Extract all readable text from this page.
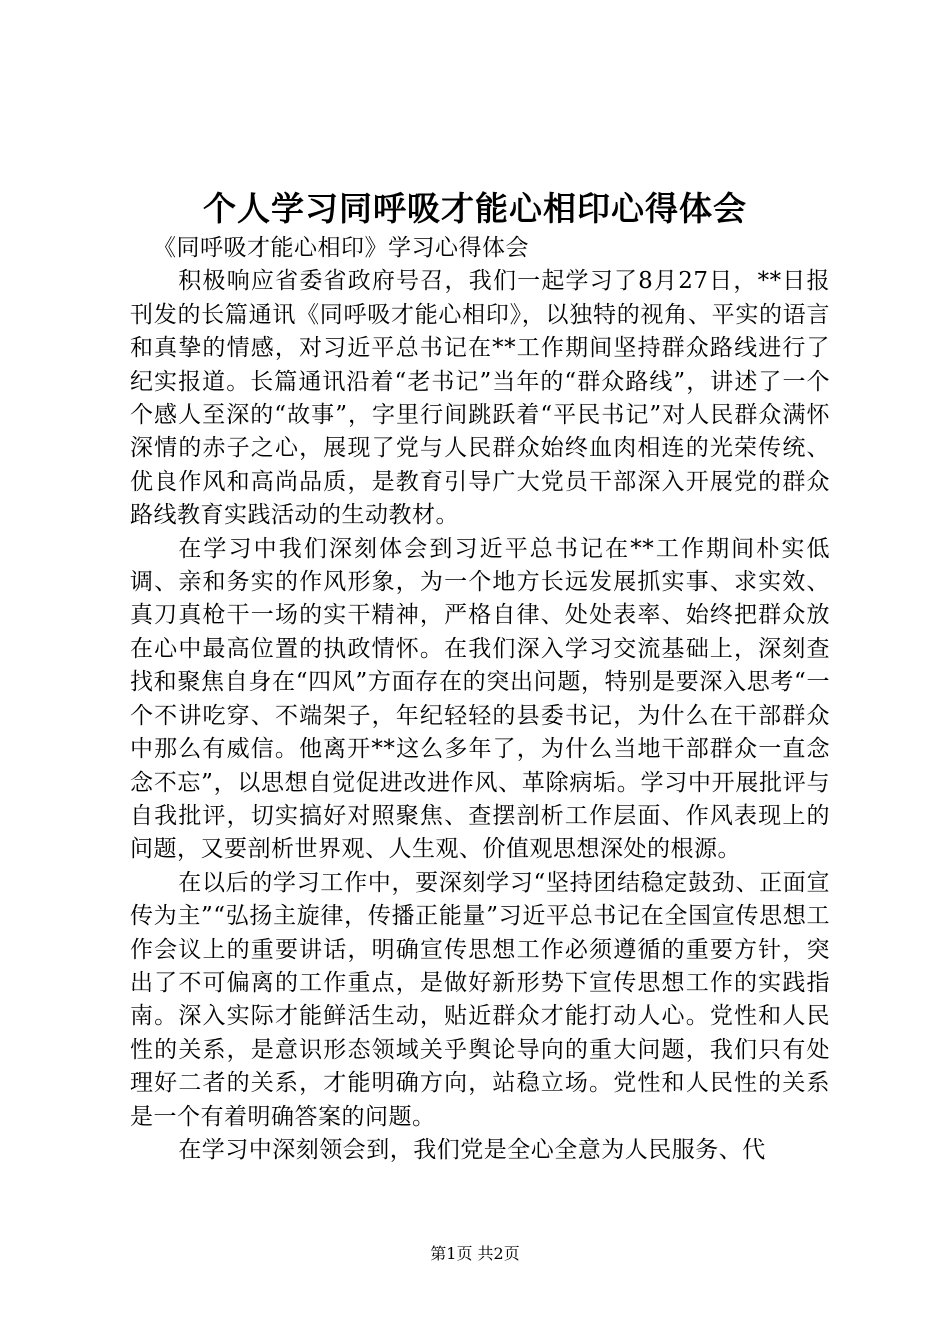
个人学习同呼吸才能心相印心得体会

《同呼吸才能心相印》学习心得体会

积极响应省委省政府号召，我们一起学习了8月27日，**日报刊发的长篇通讯《同呼吸才能心相印》，以独特的视角、平实的语言和真挚的情感，对习近平总书记在**工作期间坚持群众路线进行了纪实报道。长篇通讯沿着“老书记”当年的“群众路线”，讲述了一个个感人至深的“故事”，字里行间跳跃着“平民书记”对人民群众满怀深情的赤子之心，展现了党与人民群众始终血肉相连的光荣传统、优良作风和高尚品质，是教育引导广大党员干部深入开展党的群众路线教育实践活动的生动教材。

在学习中我们深刻体会到习近平总书记在**工作期间朴实低调、亲和务实的作风形象，为一个地方长远发展抓实事、求实效、真刀真枪干一场的实干精神，严格自律、处处表率、始终把群众放在心中最高位置的执政情怀。在我们深入学习交流基础上，深刻查找和聚焦自身在“四风”方面存在的突出问题，特别是要深入思考“一个不讲吃穿、不端架子，年纪轻轻的县委书记，为什么在干部群众中那么有威信。他离开**这么多年了，为什么当地干部群众一直念念不忘”，以思想自觉促进改进作风、革除病垢。学习中开展批评与自我批评，切实搞好对照聚焦、查摆剖析工作层面、作风表现上的问题，又要剖析世界观、人生观、价值观思想深处的根源。

在以后的学习工作中，要深刻学习“坚持团结稳定鼓劲、正面宣传为主”“弘扬主旋律，传播正能量”习近平总书记在全国宣传思想工作会议上的重要讲话，明确宣传思想工作必须遵循的重要方针，突出了不可偏离的工作重点，是做好新形势下宣传思想工作的实践指南。深入实际才能鲜活生动，贴近群众才能打动人心。党性和人民性的关系，是意识形态领域关乎舆论导向的重大问题，我们只有处理好二者的关系，才能明确方向，站稳立场。党性和人民性的关系是一个有着明确答案的问题。

在学习中深刻领会到，我们党是全心全意为人民服务、代

第1页 共2页
